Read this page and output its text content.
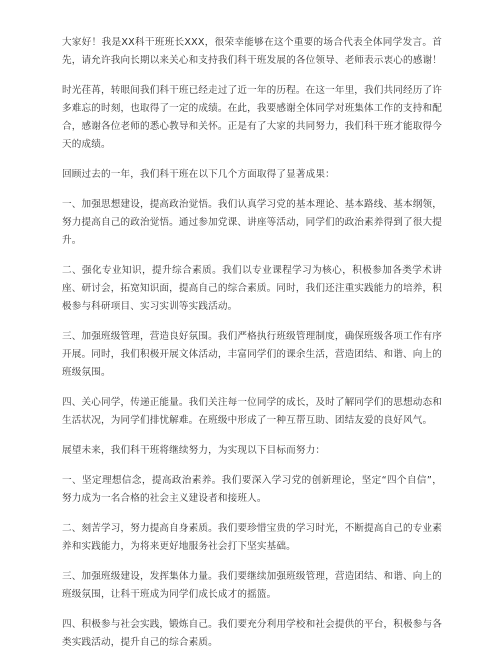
大家好！我是XX科干班班长XXX，很荣幸能够在这个重要的场合代表全体同学发言。首先，请允许我向长期以来关心和支持我们科干班发展的各位领导、老师表示衷心的感谢！

时光荏苒，转眼间我们科干班已经走过了近一年的历程。在这一年里，我们共同经历了许多难忘的时刻，也取得了一定的成绩。在此，我要感谢全体同学对班集体工作的支持和配合，感谢各位老师的悉心教导和关怀。正是有了大家的共同努力，我们科干班才能取得今天的成绩。

回顾过去的一年，我们科干班在以下几个方面取得了显著成果：

一、加强思想建设，提高政治觉悟。我们认真学习党的基本理论、基本路线、基本纲领，努力提高自己的政治觉悟。通过参加党课、讲座等活动，同学们的政治素养得到了很大提升。

二、强化专业知识，提升综合素质。我们以专业课程学习为核心，积极参加各类学术讲座、研讨会，拓宽知识面，提高自己的综合素质。同时，我们还注重实践能力的培养，积极参与科研项目、实习实训等实践活动。

三、加强班级管理，营造良好氛围。我们严格执行班级管理制度，确保班级各项工作有序开展。同时，我们积极开展文体活动，丰富同学们的课余生活，营造团结、和谐、向上的班级氛围。

四、关心同学，传递正能量。我们关注每一位同学的成长，及时了解同学们的思想动态和生活状况，为同学们排忧解难。在班级中形成了一种互帮互助、团结友爱的良好风气。

展望未来，我们科干班将继续努力，为实现以下目标而努力：

一、坚定理想信念，提高政治素养。我们要深入学习党的创新理论，坚定“四个自信”，努力成为一名合格的社会主义建设者和接班人。

二、刻苦学习，努力提高自身素质。我们要珍惜宝贵的学习时光，不断提高自己的专业素养和实践能力，为将来更好地服务社会打下坚实基础。

三、加强班级建设，发挥集体力量。我们要继续加强班级管理，营造团结、和谐、向上的班级氛围，让科干班成为同学们成长成才的摇篮。

四、积极参与社会实践，锻炼自己。我们要充分利用学校和社会提供的平台，积极参与各类实践活动，提升自己的综合素质。
